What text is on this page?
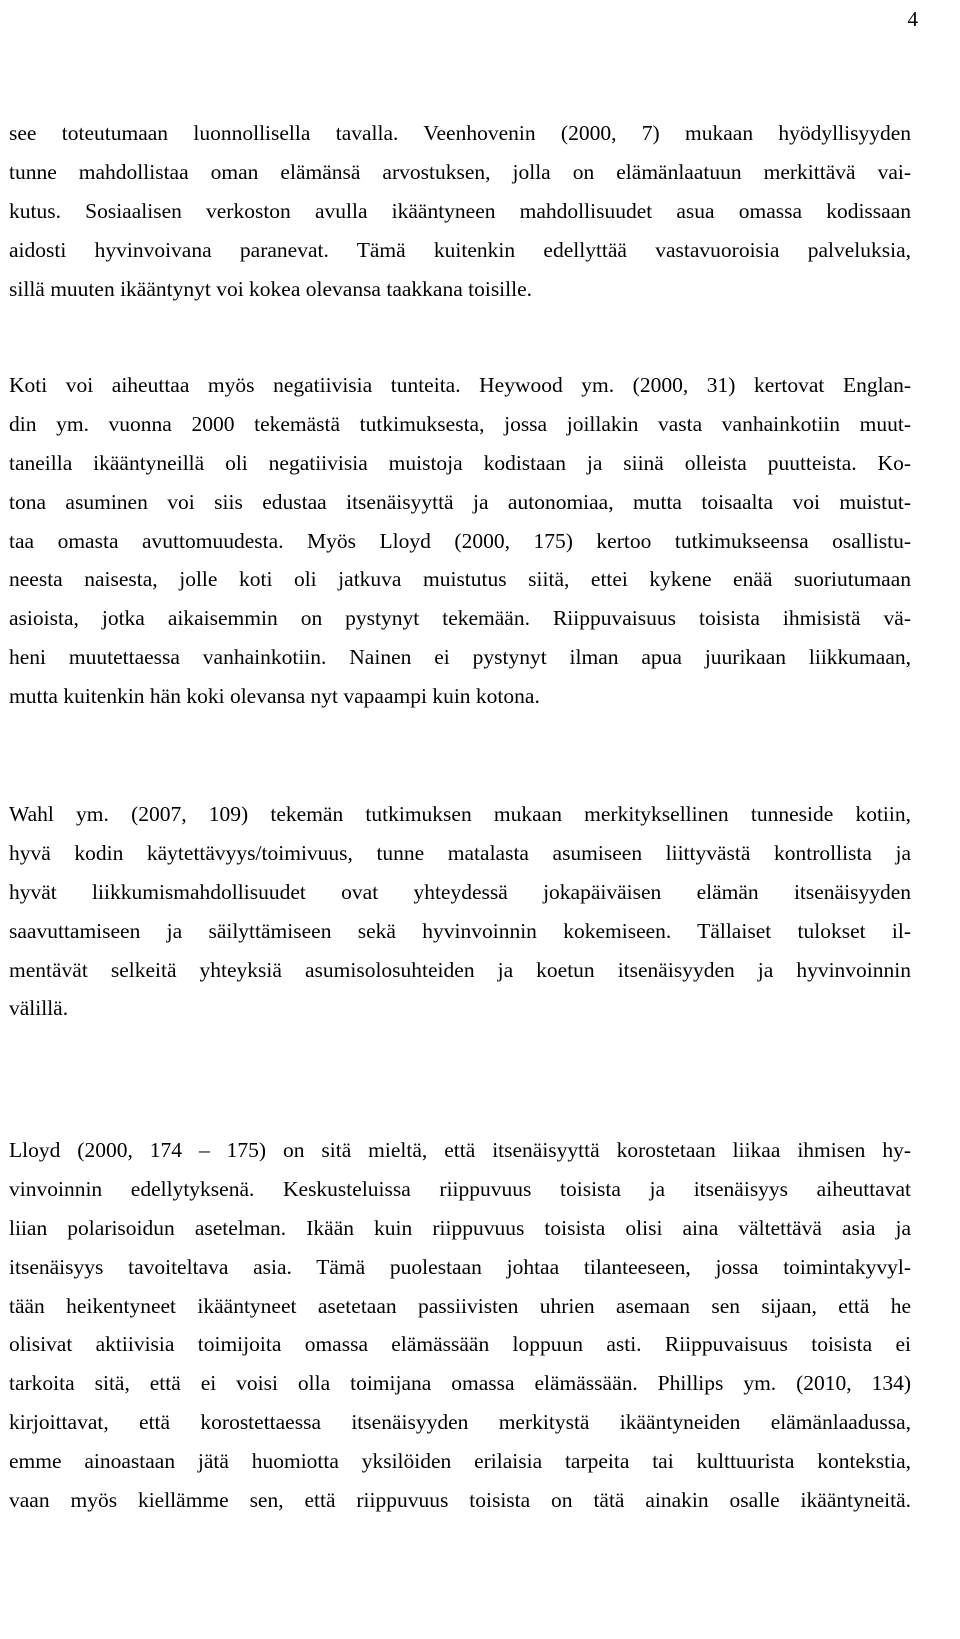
4
see toteutumaan luonnollisella tavalla. Veenhovenin (2000, 7) mukaan hyödyllisyyden
tunne mahdollistaa oman elämänsä arvostuksen, jolla on elämänlaatuun merkittävä vai-
kutus. Sosiaalisen verkoston avulla ikääntyneen mahdollisuudet asua omassa kodissaan
aidosti hyvinvoivana paranevat. Tämä kuitenkin edellyttää vastavuoroisia palveluksia,
sillä muuten ikääntynyt voi kokea olevansa taakkana toisille.
Koti voi aiheuttaa myös negatiivisia tunteita. Heywood ym. (2000, 31) kertovat Englan-
din ym. vuonna 2000 tekemästä tutkimuksesta, jossa joillakin vasta vanhainkotiin muut-
taneilla ikääntyneillä oli negatiivisia muistoja kodistaan ja siinä olleista puutteista. Ko-
tona asuminen voi siis edustaa itsenäisyyttä ja autonomiaa, mutta toisaalta voi muistut-
taa omasta avuttomuudesta. Myös Lloyd (2000, 175) kertoo tutkimukseensa osallistu-
neesta naisesta, jolle koti oli jatkuva muistutus siitä, ettei kykene enää suoriutumaan
asioista, jotka aikaisemmin on pystynyt tekemään. Riippuvaisuus toisista ihmisistä vä-
heni muutettaessa vanhainkotiin. Nainen ei pystynyt ilman apua juurikaan liikkumaan,
mutta kuitenkin hän koki olevansa nyt vapaampi kuin kotona.
Wahl ym. (2007, 109) tekemän tutkimuksen mukaan merkityksellinen tunneside kotiin,
hyvä kodin käytettävyys/toimivuus, tunne matalasta asumiseen liittyvästä kontrollista ja
hyvät liikkumismahdollisuudet ovat yhteydessä jokapäiväisen elämän itsenäisyyden
saavuttamiseen ja säilyttämiseen sekä hyvinvoinnin kokemiseen. Tällaiset tulokset il-
mentävät selkeitä yhteyksiä asumisolosuhteiden ja koetun itsenäisyyden ja hyvinvoinnin
välillä.
Lloyd (2000, 174 – 175) on sitä mieltä, että itsenäisyyttä korostetaan liikaa ihmisen hy-
vinvoinnin edellytyksenä. Keskusteluissa riippuvuus toisista ja itsenäisyys aiheuttavat
liian polarisoidun asetelman. Ikään kuin riippuvuus toisista olisi aina vältettävä asia ja
itsenäisyys tavoiteltava asia. Tämä puolestaan johtaa tilanteeseen, jossa toimintakyvyl-
tään heikentyneet ikääntyneet asetetaan passiivisten uhrien asemaan sen sijaan, että he
olisivat aktiivisia toimijoita omassa elämässään loppuun asti. Riippuvaisuus toisista ei
tarkoita sitä, että ei voisi olla toimijana omassa elämässään. Phillips ym. (2010, 134)
kirjoittavat, että korostettaessa itsenäisyyden merkitystä ikääntyneiden elämänlaadussa,
emme ainoastaan jätä huomiotta yksilöiden erilaisia tarpeita tai kulttuurista kontekstia,
vaan myös kiellämme sen, että riippuvuus toisista on tätä ainakin osalle ikääntyneitä.
